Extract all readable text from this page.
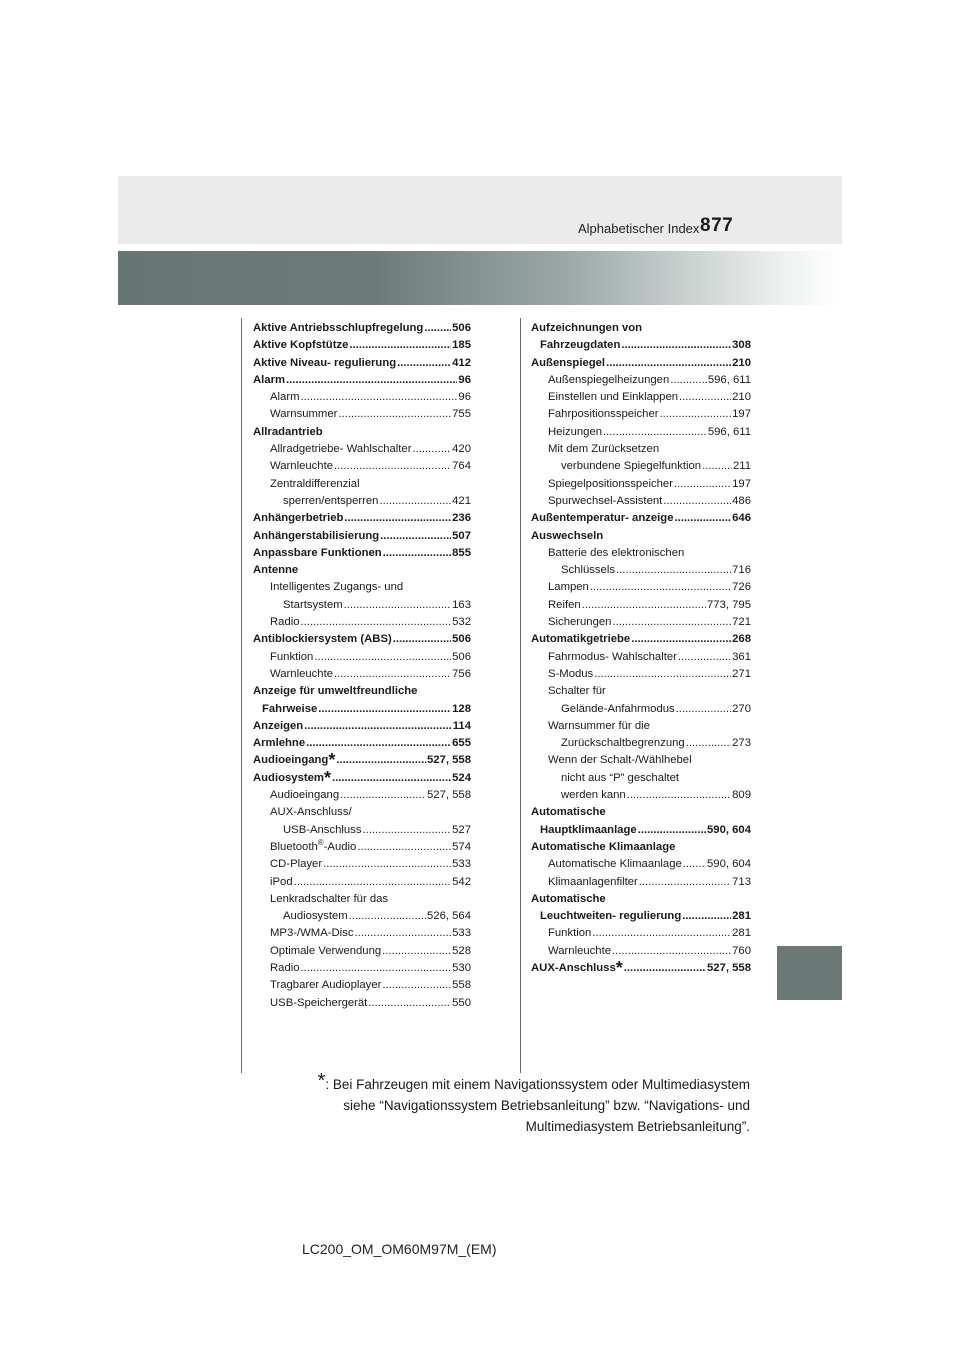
Alphabetischer Index 877
Aktive Antriebsschlupfregelung .....	506
Aktive Kopfstütze .....	185
Aktive Niveau- regulierung .....	412
Alarm .....	96
Alarm .....	96
Warnsummer .....	755
Allradantrieb
Allradgetriebe- Wahlschalter .....	420
Warnleuchte .....	764
Zentraldifferenzial
sperren/entsperren .....	421
Anhängerbetrieb .....	236
Anhängerstabilisierung .....	507
Anpassbare Funktionen .....	855
Antenne
Intelligentes Zugangs- und
Startsystem .....	163
Radio .....	532
Antiblockiersystem (ABS) .....	506
Funktion .....	506
Warnleuchte .....	756
Anzeige für umweltfreundliche
Fahrweise .....	128
Anzeigen .....	114
Armlehne .....	655
Audioeingang* .....	527, 558
Audiosystem* .....	524
Audioeingang .....	527, 558
AUX-Anschluss/
USB-Anschluss .....	527
Bluetooth®-Audio .....	574
CD-Player .....	533
iPod .....	542
Lenkradschalter für das
Audiosystem .....	526, 564
MP3-/WMA-Disc .....	533
Optimale Verwendung .....	528
Radio .....	530
Tragbarer Audioplayer .....	558
USB-Speichergerät .....	550
Aufzeichnungen von
Fahrzeugdaten .....	308
Außenspiegel .....	210
Außenspiegelheizungen .....	596, 611
Einstellen und Einklappen .....	210
Fahrpositionsspeicher .....	197
Heizungen .....	596, 611
Mit dem Zurücksetzen
verbundene Spiegelfunktion .....	211
Spiegelpositionsspeicher .....	197
Spurwechsel-Assistent .....	486
Außentemperatur- anzeige .....	646
Auswechseln
Batterie des elektronischen
Schlüssels .....	716
Lampen .....	726
Reifen .....	773, 795
Sicherungen .....	721
Automatikgetriebe .....	268
Fahrmodus- Wahlschalter .....	361
S-Modus .....	271
Schalter für
Gelände-Anfahrmodus .....	270
Warnsummer für die
Zurückschaltbegrenzung .....	273
Wenn der Schalt-/Wählhebel
nicht aus “P” geschaltet
werden kann .....	809
Automatische
Hauptklimaanlage .....	590, 604
Automatische Klimaanlage
Automatische Klimaanlage ..... 590, 604
Klimaanlagenfilter .....	713
Automatische
Leuchtweiten- regulierung .....	281
Funktion .....	281
Warnleuchte .....	760
AUX-Anschluss* .....	527, 558
*: Bei Fahrzeugen mit einem Navigationssystem oder Multimediasystem
siehe “Navigationssystem Betriebsanleitung” bzw. “Navigations- und
Multimediasystem Betriebsanleitung”.
LC200_OM_OM60M97M_(EM)
